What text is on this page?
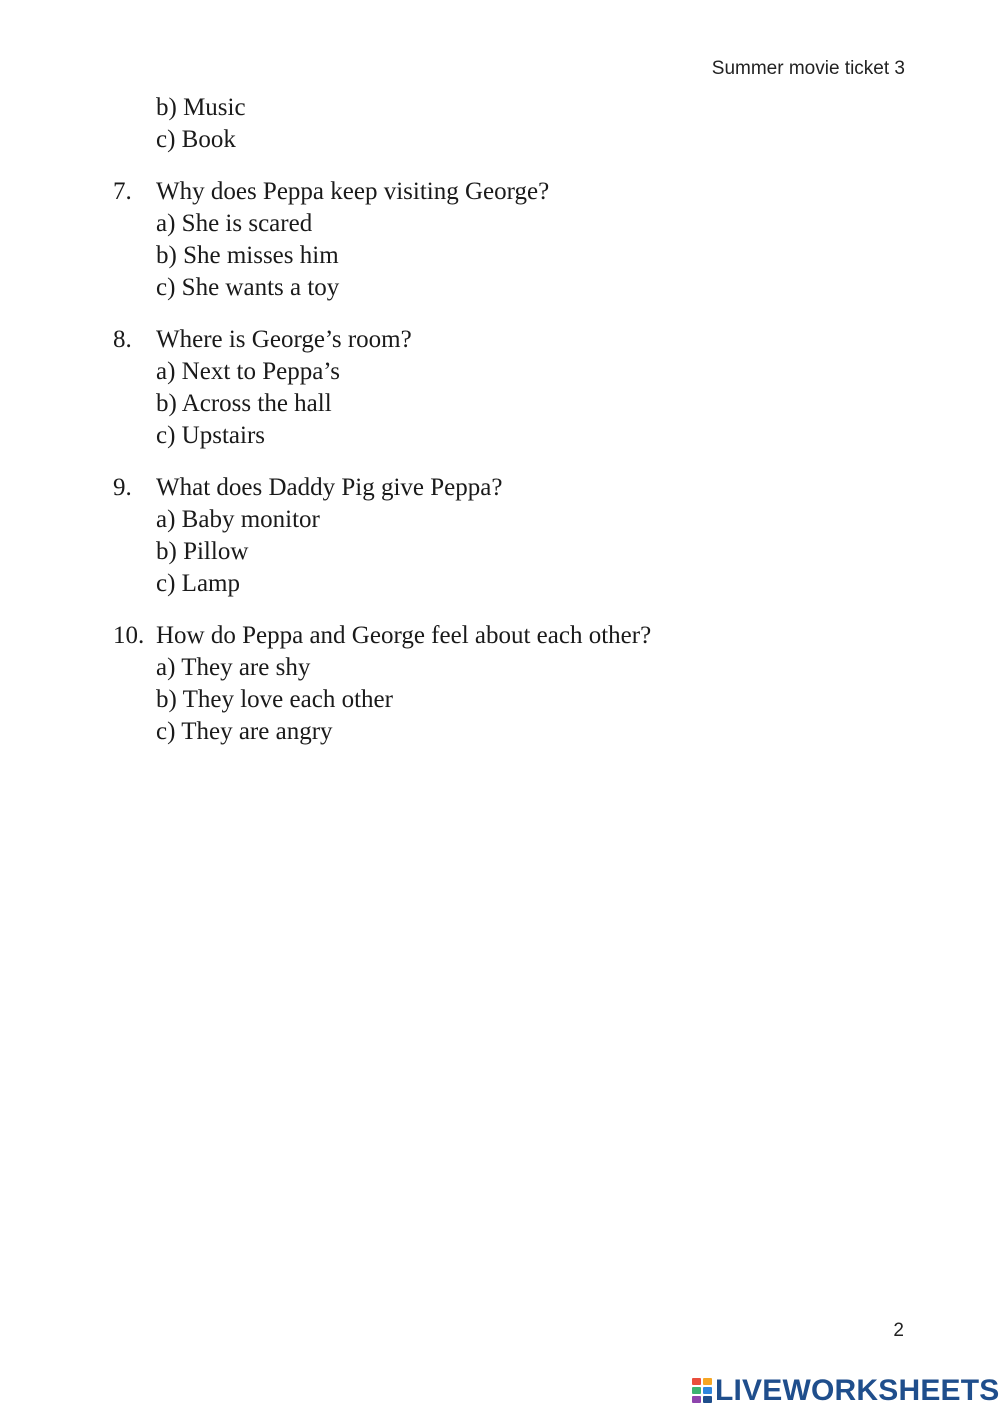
Summer movie ticket 3
b) Music
c) Book
7. Why does Peppa keep visiting George?
a) She is scared
b) She misses him
c) She wants a toy
8. Where is George’s room?
a) Next to Peppa’s
b) Across the hall
c) Upstairs
9. What does Daddy Pig give Peppa?
a) Baby monitor
b) Pillow
c) Lamp
10. How do Peppa and George feel about each other?
a) They are shy
b) They love each other
c) They are angry
2
LIVEWORKSHEETS
